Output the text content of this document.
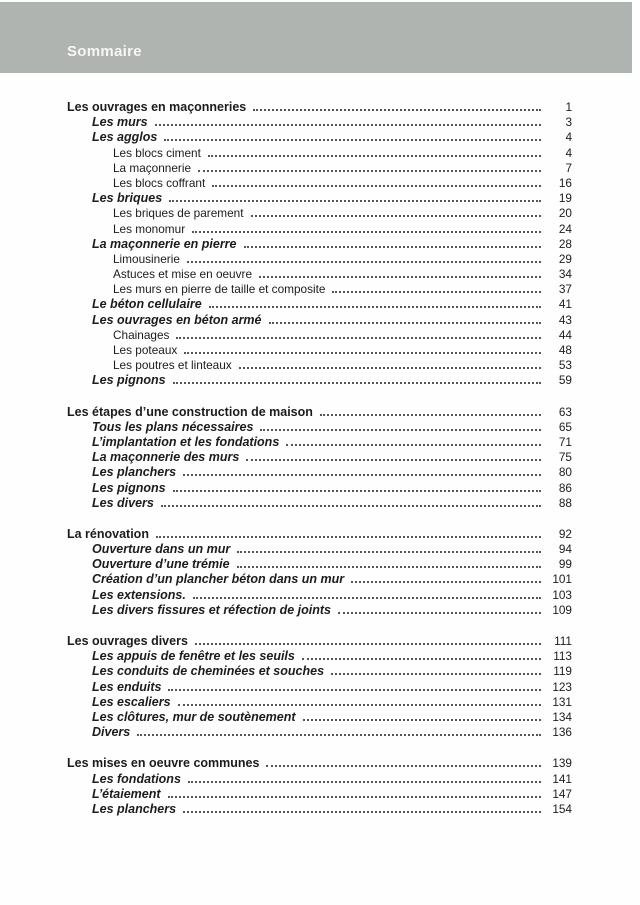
Sommaire
Les ouvrages en maçonneries	1
Les murs	3
Les agglos	4
Les blocs ciment	4
La maçonnerie	7
Les blocs coffrant	16
Les briques	19
Les briques de parement	20
Les monomur	24
La maçonnerie en pierre	28
Limousinerie	29
Astuces et mise en oeuvre	34
Les murs en pierre de taille et composite	37
Le béton cellulaire	41
Les ouvrages en béton armé	43
Chainages	44
Les poteaux	48
Les poutres et linteaux	53
Les pignons	59
Les étapes d’une construction de maison	63
Tous les plans nécessaires	65
L’implantation et les fondations	71
La maçonnerie des murs	75
Les planchers	80
Les pignons	86
Les divers	88
La rénovation	92
Ouverture dans un mur	94
Ouverture d’une trémie	99
Création d’un plancher béton dans un mur	101
Les extensions.	103
Les divers fissures et réfection de joints	109
Les ouvrages divers	111
Les appuis de fenêtre et les seuils	113
Les conduits de cheminées et souches	119
Les enduits	123
Les escaliers	131
Les clôtures, mur de soutènement	134
Divers	136
Les mises en oeuvre communes	139
Les fondations	141
L’étaiement	147
Les planchers	154
